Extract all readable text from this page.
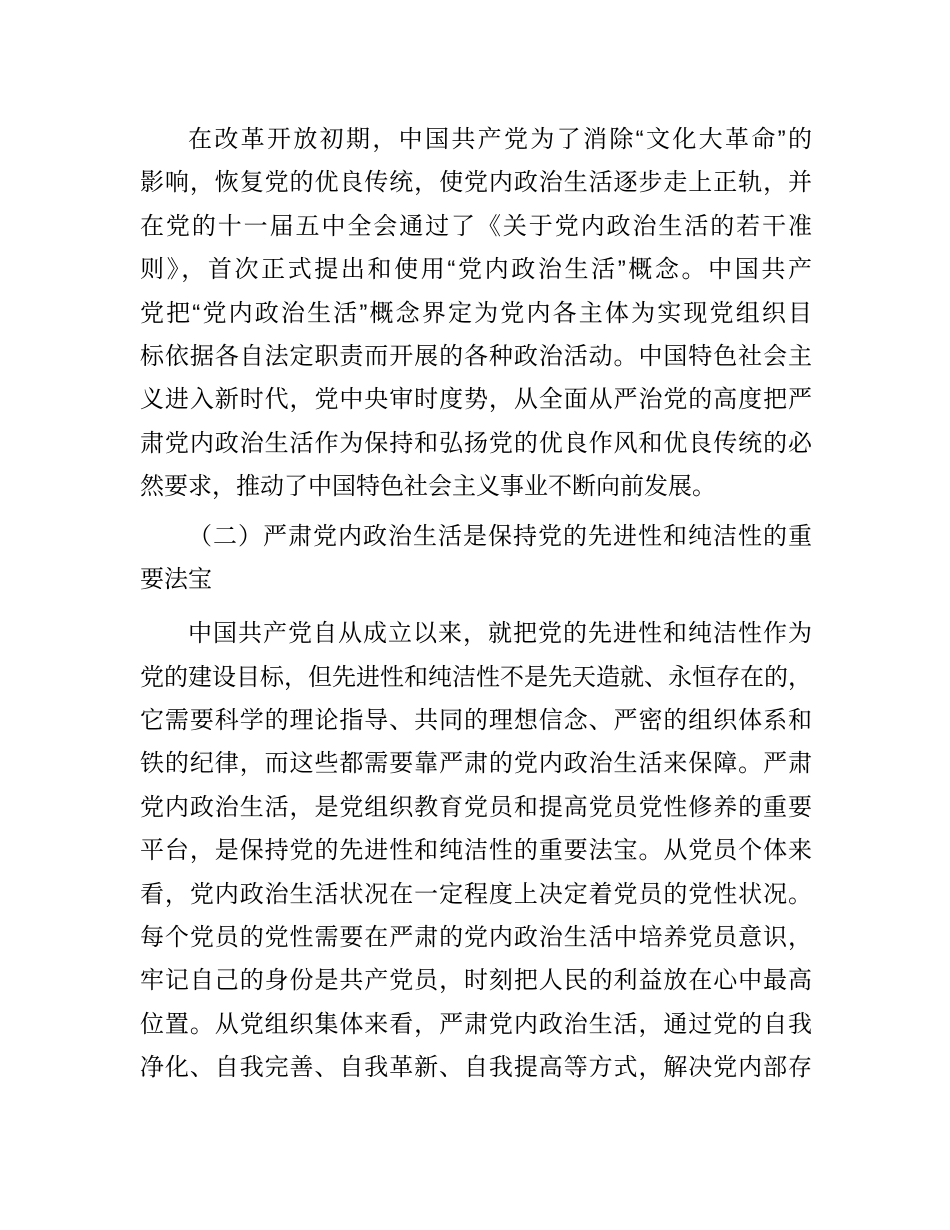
在改革开放初期，中国共产党为了消除“文化大革命”的
影响，恢复党的优良传统，使党内政治生活逐步走上正轨，并
在党的十一届五中全会通过了《关于党内政治生活的若干准
则》，首次正式提出和使用“党内政治生活”概念。中国共产
党把“党内政治生活”概念界定为党内各主体为实现党组织目
标依据各自法定职责而开展的各种政治活动。中国特色社会主
义进入新时代，党中央审时度势，从全面从严治党的高度把严
肃党内政治生活作为保持和弘扬党的优良作风和优良传统的必
然要求，推动了中国特色社会主义事业不断向前发展。
（二）严肃党内政治生活是保持党的先进性和纯洁性的重
要法宝
中国共产党自从成立以来，就把党的先进性和纯洁性作为
党的建设目标，但先进性和纯洁性不是先天造就、永恒存在的，
它需要科学的理论指导、共同的理想信念、严密的组织体系和
铁的纪律，而这些都需要靠严肃的党内政治生活来保障。严肃
党内政治生活，是党组织教育党员和提高党员党性修养的重要
平台，是保持党的先进性和纯洁性的重要法宝。从党员个体来
看，党内政治生活状况在一定程度上决定着党员的党性状况。
每个党员的党性需要在严肃的党内政治生活中培养党员意识，
牢记自己的身份是共产党员，时刻把人民的利益放在心中最高
位置。从党组织集体来看，严肃党内政治生活，通过党的自我
净化、自我完善、自我革新、自我提高等方式，解决党内部存
